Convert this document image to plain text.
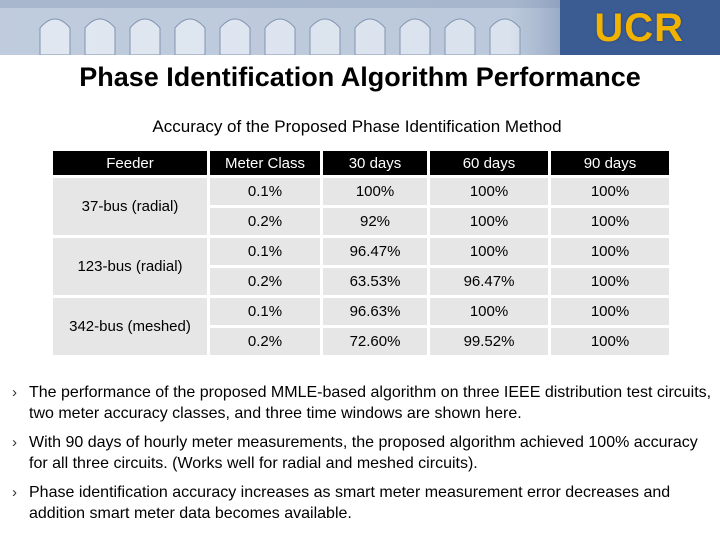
UCR
Phase Identification Algorithm Performance
Accuracy of the Proposed Phase Identification Method
Feeder	Meter Class	30 days	60 days	90 days
37-bus (radial)	0.1%	100%	100%	100%
	0.2%	92%	100%	100%
123-bus (radial)	0.1%	96.47%	100%	100%
	0.2%	63.53%	96.47%	100%
342-bus (meshed)	0.1%	96.63%	100%	100%
	0.2%	72.60%	99.52%	100%
› The performance of the proposed MMLE-based algorithm on three IEEE distribution test circuits, two meter accuracy classes, and three time windows are shown here.
› With 90 days of hourly meter measurements, the proposed algorithm achieved 100% accuracy for all three circuits. (Works well for radial and meshed circuits).
› Phase identification accuracy increases as smart meter measurement error decreases and addition smart meter data becomes available.
